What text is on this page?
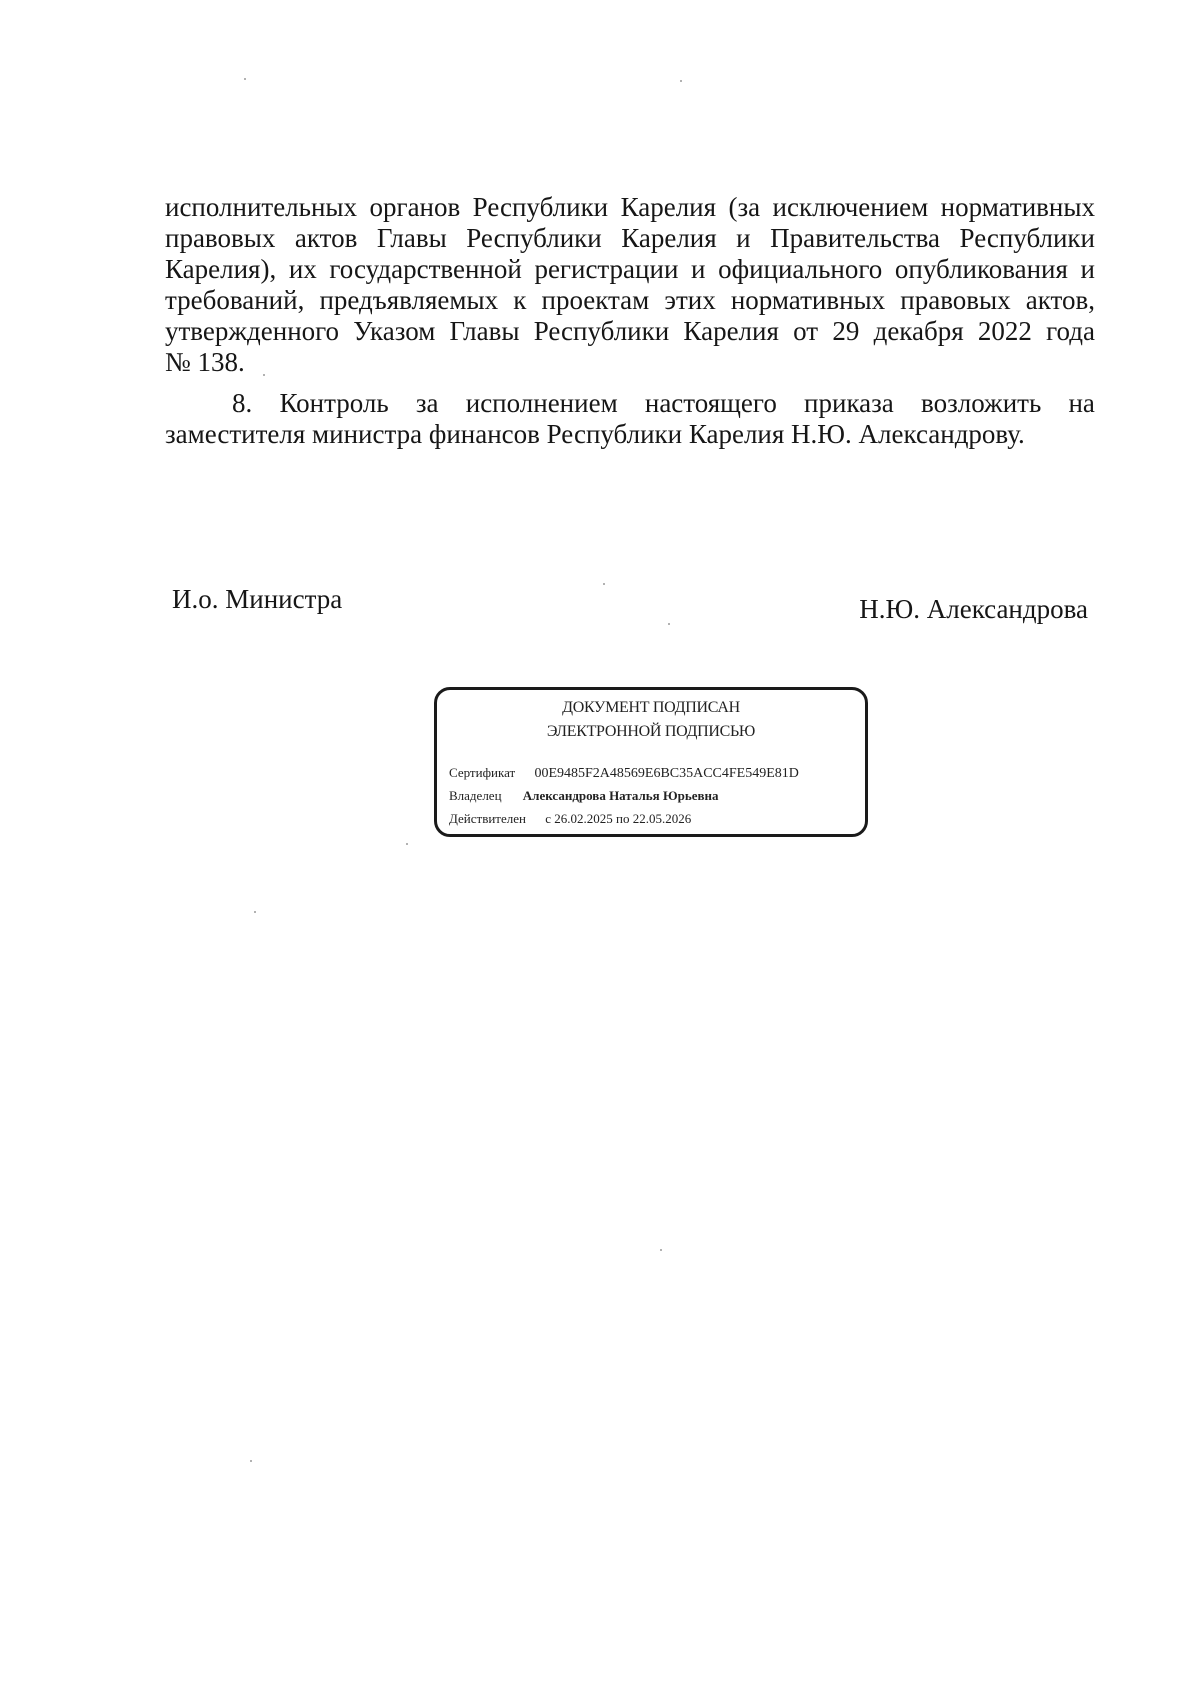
исполнительных органов Республики Карелия (за исключением нормативных
правовых актов Главы Республики Карелия и Правительства Республики
Карелия), их государственной регистрации и официального опубликования и
требований, предъявляемых к проектам этих нормативных правовых актов,
утвержденного Указом Главы Республики Карелия от 29 декабря 2022 года
№ 138.
8. Контроль за исполнением настоящего приказа возложить на
заместителя министра финансов Республики Карелия Н.Ю. Александрову.
И.о. Министра	Н.Ю. Александрова
ДОКУМЕНТ ПОДПИСАН
ЭЛЕКТРОННОЙ ПОДПИСЬЮ
Сертификат 00E9485F2A48569E6BC35ACC4FE549E81D
Владелец Александрова Наталья Юрьевна
Действителен с 26.02.2025 по 22.05.2026
